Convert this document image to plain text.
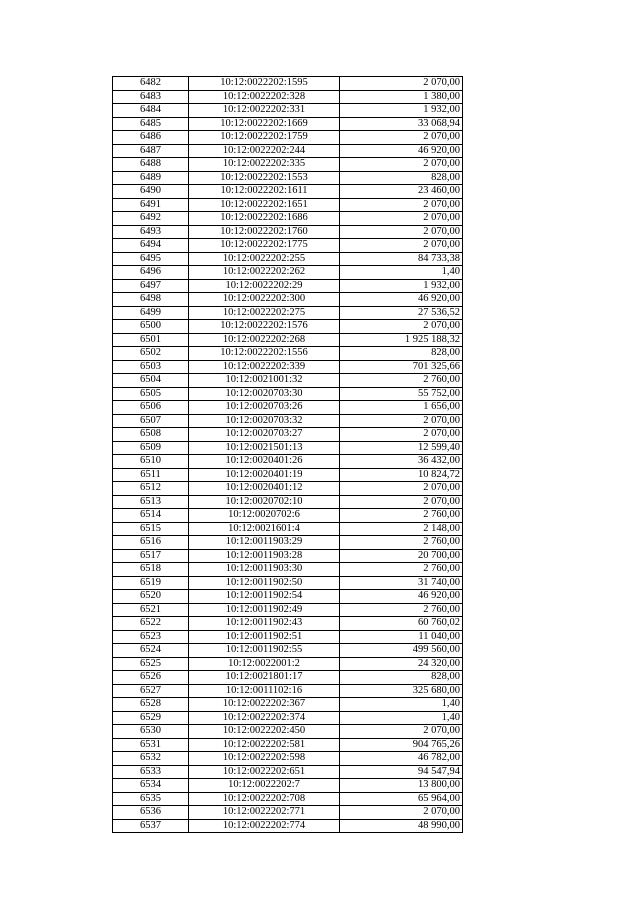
6482	10:12:0022202:1595	2 070,00
6483	10:12:0022202:328	1 380,00
6484	10:12:0022202:331	1 932,00
6485	10:12:0022202:1669	33 068,94
6486	10:12:0022202:1759	2 070,00
6487	10:12:0022202:244	46 920,00
6488	10:12:0022202:335	2 070,00
6489	10:12:0022202:1553	828,00
6490	10:12:0022202:1611	23 460,00
6491	10:12:0022202:1651	2 070,00
6492	10:12:0022202:1686	2 070,00
6493	10:12:0022202:1760	2 070,00
6494	10:12:0022202:1775	2 070,00
6495	10:12:0022202:255	84 733,38
6496	10:12:0022202:262	1,40
6497	10:12:0022202:29	1 932,00
6498	10:12:0022202:300	46 920,00
6499	10:12:0022202:275	27 536,52
6500	10:12:0022202:1576	2 070,00
6501	10:12:0022202:268	1 925 188,32
6502	10:12:0022202:1556	828,00
6503	10:12:0022202:339	701 325,66
6504	10:12:0021001:32	2 760,00
6505	10:12:0020703:30	55 752,00
6506	10:12:0020703:26	1 656,00
6507	10:12:0020703:32	2 070,00
6508	10:12:0020703:27	2 070,00
6509	10:12:0021501:13	12 599,40
6510	10:12:0020401:26	36 432,00
6511	10:12:0020401:19	10 824,72
6512	10:12:0020401:12	2 070,00
6513	10:12:0020702:10	2 070,00
6514	10:12:0020702:6	2 760,00
6515	10:12:0021601:4	2 148,00
6516	10:12:0011903:29	2 760,00
6517	10:12:0011903:28	20 700,00
6518	10:12:0011903:30	2 760,00
6519	10:12:0011902:50	31 740,00
6520	10:12:0011902:54	46 920,00
6521	10:12:0011902:49	2 760,00
6522	10:12:0011902:43	60 760,02
6523	10:12:0011902:51	11 040,00
6524	10:12:0011902:55	499 560,00
6525	10:12:0022001:2	24 320,00
6526	10:12:0021801:17	828,00
6527	10:12:0011102:16	325 680,00
6528	10:12:0022202:367	1,40
6529	10:12:0022202:374	1,40
6530	10:12:0022202:450	2 070,00
6531	10:12:0022202:581	904 765,26
6532	10:12:0022202:598	46 782,00
6533	10:12:0022202:651	94 547,94
6534	10:12:0022202:7	13 800,00
6535	10:12:0022202:708	65 964,00
6536	10:12:0022202:771	2 070,00
6537	10:12:0022202:774	48 990,00
